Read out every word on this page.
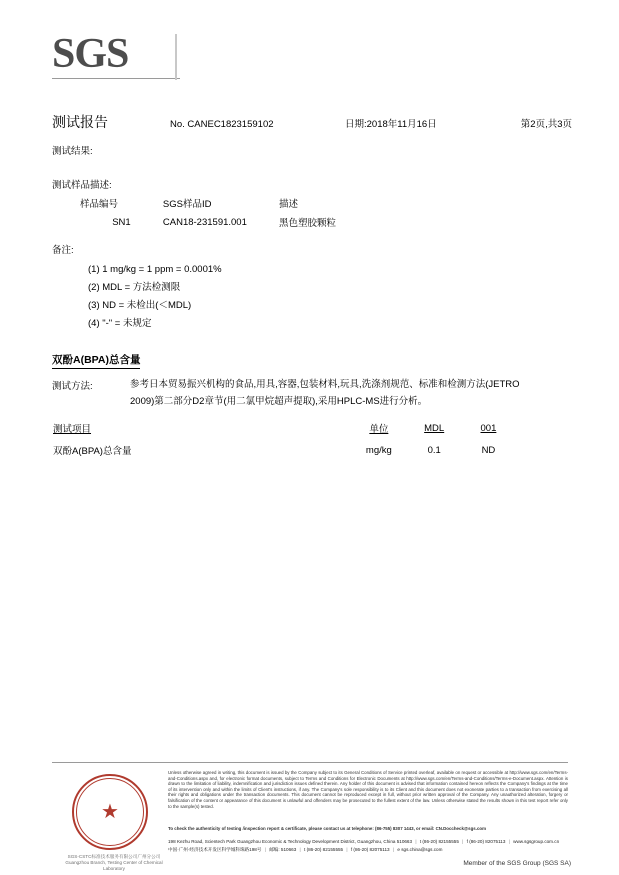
SGS
测试报告	No. CANEC1823159102	日期:2018年11月16日	第2页,共3页
测试结果:
测试样品描述:
样品编号	SGS样品ID	描述
SN1	CAN18-231591.001	黑色塑胶颗粒
备注:
(1) 1 mg/kg = 1 ppm = 0.0001%
(2) MDL = 方法检测限
(3) ND = 未检出(＜MDL)
(4) "-" = 未规定
双酚A(BPA)总含量
测试方法:	参考日本贸易振兴机构的食品,用具,容器,包装材料,玩具,洗涤剂规范、标准和检测方法(JETRO 2009)第二部分D2章节(用二氯甲烷超声提取),采用HPLC-MS进行分析。
测试项目	单位	MDL	001
双酚A(BPA)总含量	mg/kg	0.1	ND
★
SGS-CSTC标准技术服务有限公司广州分公司
Guangzhou Branch, Testing Center of Chemical Laboratory
Unless otherwise agreed in writing, this document is issued by the Company subject to its General Conditions of Service printed overleaf, available on request or accessible at http://www.sgs.com/en/Terms-and-Conditions.aspx and, for electronic format documents, subject to Terms and Conditions for Electronic Documents at http://www.sgs.com/en/Terms-and-Conditions/Terms-e-Document.aspx. Attention is drawn to the limitation of liability, indemnification and jurisdiction issues defined therein. Any holder of this document is advised that information contained hereon reflects the Company's findings at the time of its intervention only and within the limits of Client's instructions, if any. The Company's sole responsibility is to its Client and this document does not exonerate parties to a transaction from exercising all their rights and obligations under the transaction documents. This document cannot be reproduced except in full, without prior written approval of the Company. Any unauthorized alteration, forgery or falsification of the content or appearance of this document is unlawful and offenders may be prosecuted to the fullest extent of the law. Unless otherwise stated the results shown in this test report refer only to the sample(s) tested.
To check the authenticity of testing /inspection report & certificate, please contact us at telephone: (86-755) 8307 1443, or email: CN.Doccheck@sgs.com
198 Kezhu Road, Scientech Park Guangzhou Economic & Technology Development District, Guangzhou, China 510663 | t (86-20) 82155555 | f (86-20) 82075113 | www.sgsgroup.com.cn
中国·广州·经济技术开发区科学城科珠路198号 | 邮编: 510663 | t (86-20) 82155555 | f (86-20) 82075113 | e sgs.china@sgs.com
Member of the SGS Group (SGS SA)
